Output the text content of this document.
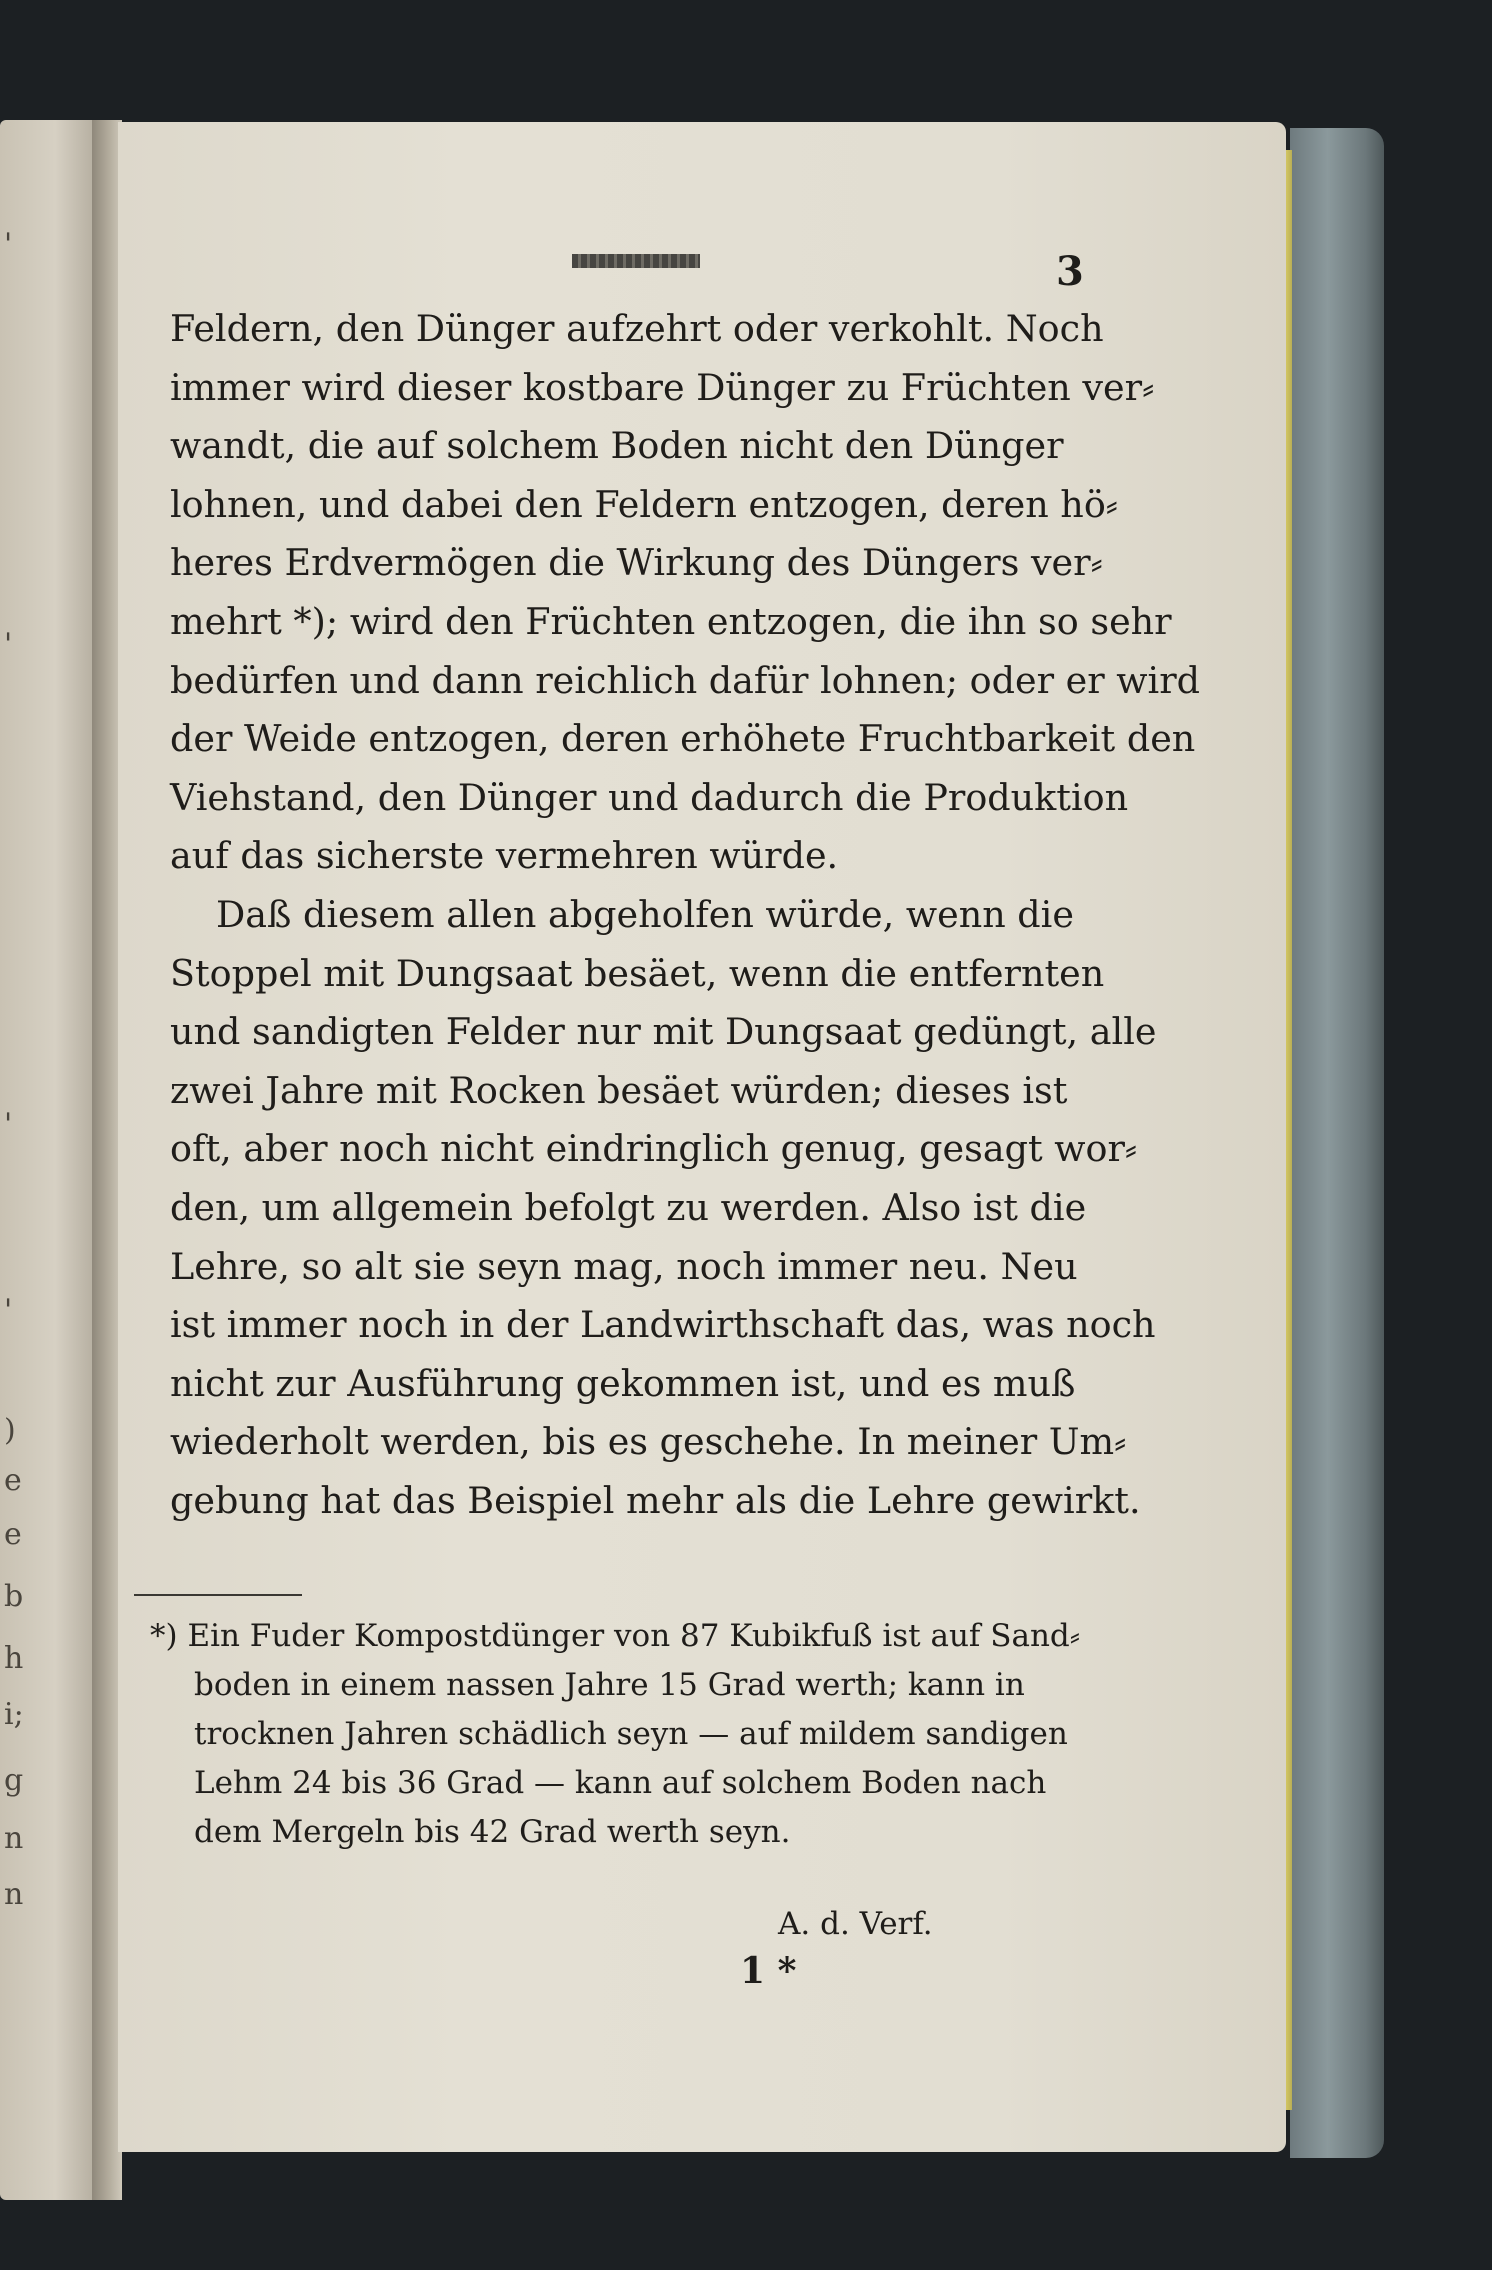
'
'
'
'
)
e
e
b
h
i;
g
n
n
3
Feldern, den Dünger aufzehrt oder verkohlt. Noch
immer wird dieser kostbare Dünger zu Früchten ver⸗
wandt, die auf solchem Boden nicht den Dünger
lohnen, und dabei den Feldern entzogen, deren hö⸗
heres Erdvermögen die Wirkung des Düngers ver⸗
mehrt *); wird den Früchten entzogen, die ihn so sehr
bedürfen und dann reichlich dafür lohnen; oder er wird
der Weide entzogen, deren erhöhete Fruchtbarkeit den
Viehstand, den Dünger und dadurch die Produktion
auf das sicherste vermehren würde.
Daß diesem allen abgeholfen würde, wenn die
Stoppel mit Dungsaat besäet, wenn die entfernten
und sandigten Felder nur mit Dungsaat gedüngt, alle
zwei Jahre mit Rocken besäet würden; dieses ist
oft, aber noch nicht eindringlich genug, gesagt wor⸗
den, um allgemein befolgt zu werden. Also ist die
Lehre, so alt sie seyn mag, noch immer neu. Neu
ist immer noch in der Landwirthschaft das, was noch
nicht zur Ausführung gekommen ist, und es muß
wiederholt werden, bis es geschehe. In meiner Um⸗
gebung hat das Beispiel mehr als die Lehre gewirkt.
*) Ein Fuder Kompostdünger von 87 Kubikfuß ist auf Sand⸗
boden in einem nassen Jahre 15 Grad werth; kann in
trocknen Jahren schädlich seyn — auf mildem sandigen
Lehm 24 bis 36 Grad — kann auf solchem Boden nach
dem Mergeln bis 42 Grad werth seyn.
A. d. Verf.
1 *
